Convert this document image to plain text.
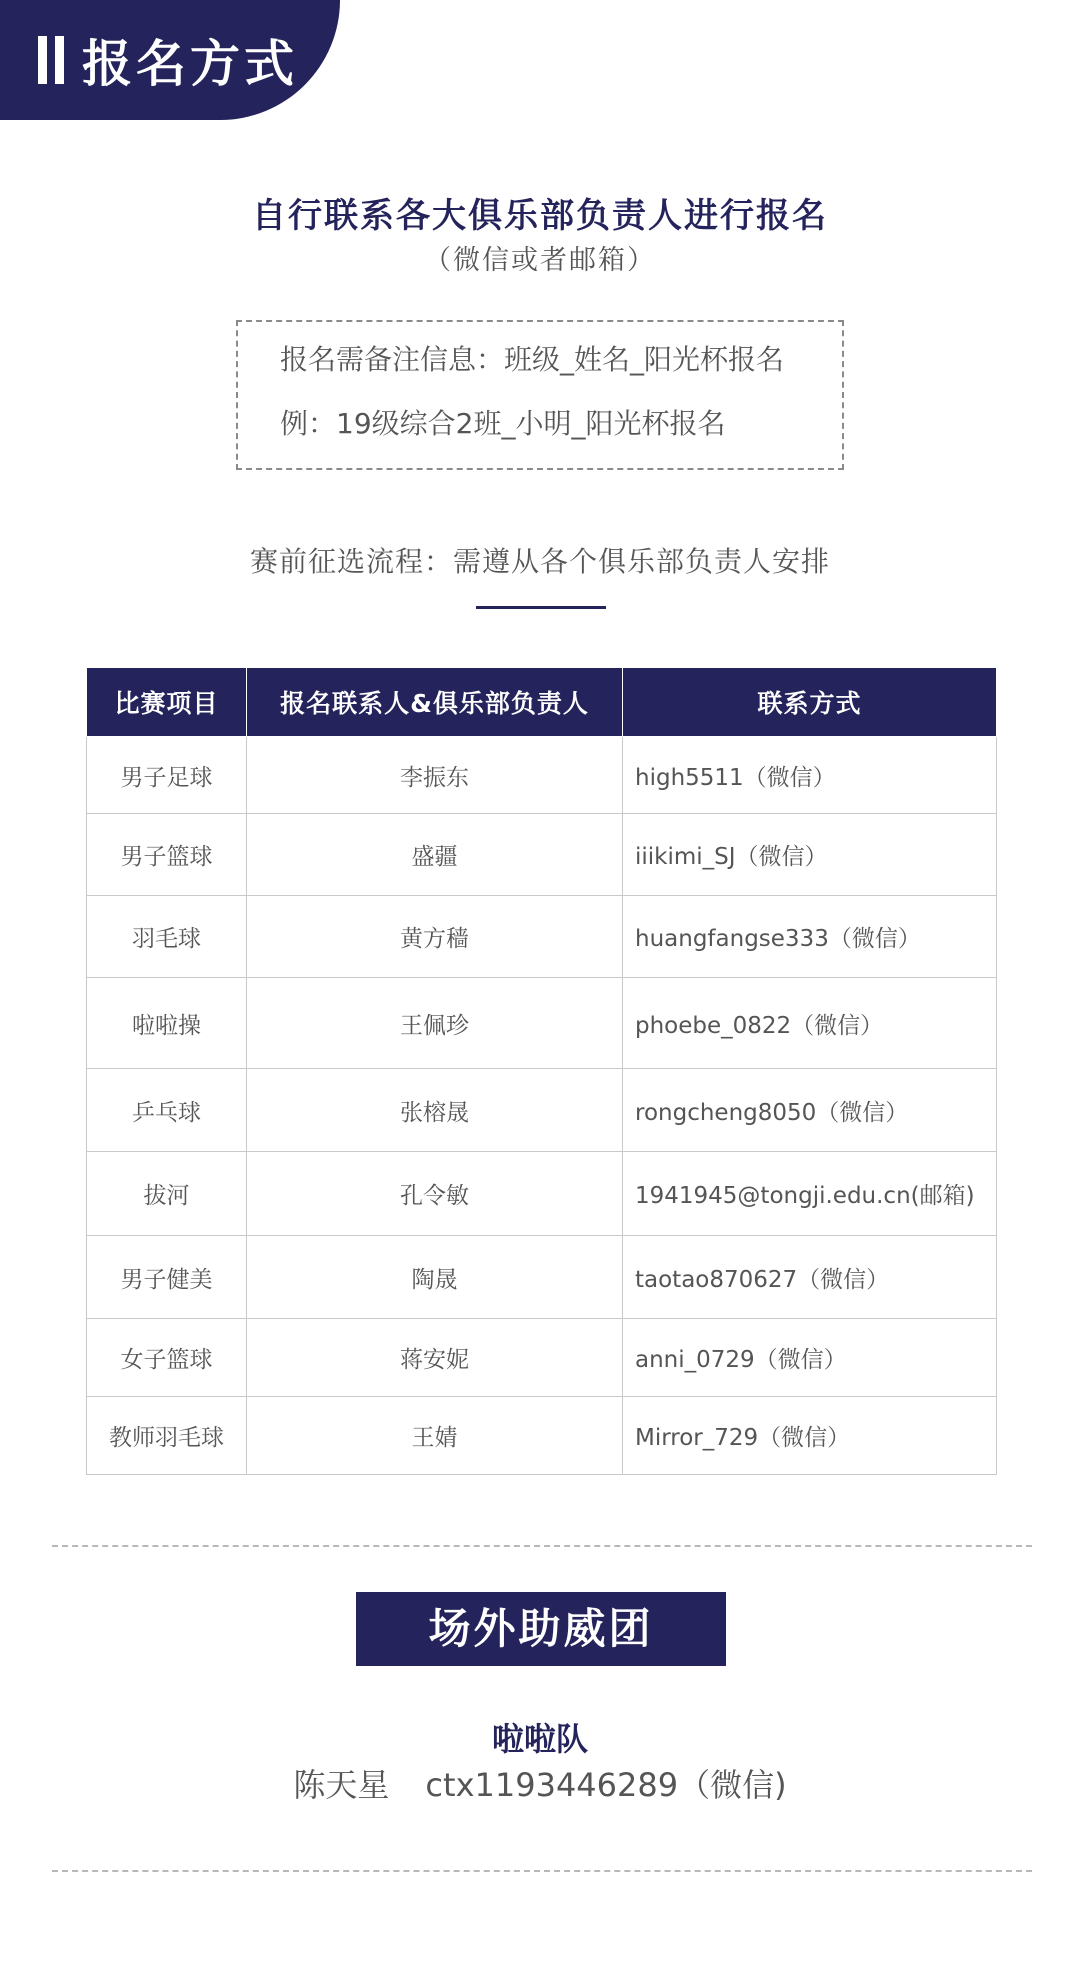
报名方式
自行联系各大俱乐部负责人进行报名
（微信或者邮箱）
报名需备注信息：班级_姓名_阳光杯报名
例：19级综合2班_小明_阳光杯报名
赛前征选流程：需遵从各个俱乐部负责人安排
比赛项目	报名联系人&俱乐部负责人	联系方式
男子足球	李振东	high5511（微信）
男子篮球	盛疆	iiikimi_SJ（微信）
羽毛球	黄方穑	huangfangse333（微信）
啦啦操	王佩珍	phoebe_0822（微信）
乒乓球	张榕晟	rongcheng8050（微信）
拔河	孔令敏	1941945@tongji.edu.cn(邮箱)
男子健美	陶晟	taotao870627（微信）
女子篮球	蒋安妮	anni_0729（微信）
教师羽毛球	王婧	Mirror_729（微信）
场外助威团
啦啦队
陈天星 ctx1193446289（微信)
